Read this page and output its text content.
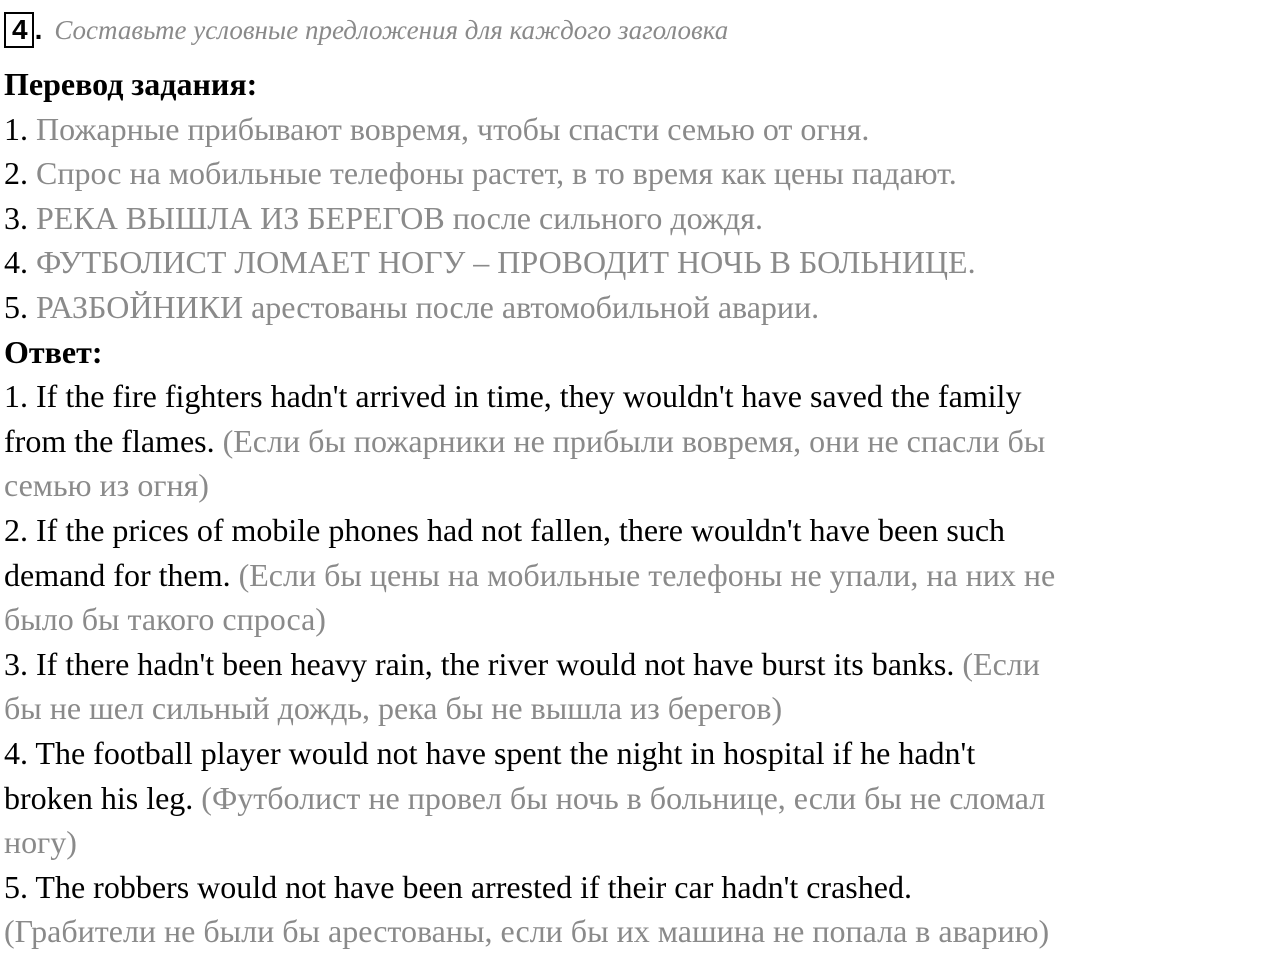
4 . Составьте условные предложения для каждого заголовка

Перевод задания:

1. Пожарные прибывают вовремя, чтобы спасти семью от огня.

2. Спрос на мобильные телефоны растет, в то время как цены падают.

3. РЕКА ВЫШЛА ИЗ БЕРЕГОВ после сильного дождя.

4. ФУТБОЛИСТ ЛОМАЕТ НОГУ – ПРОВОДИТ НОЧЬ В БОЛЬНИЦЕ.

5. РАЗБОЙНИКИ арестованы после автомобильной аварии.

Ответ:

1. If the fire fighters hadn't arrived in time, they wouldn't have saved the family

from the flames. (Если бы пожарники не прибыли вовремя, они не спасли бы

семью из огня)

2. If the prices of mobile phones had not fallen, there wouldn't have been such

demand for them. (Если бы цены на мобильные телефоны не упали, на них не

было бы такого спроса)

3. If there hadn't been heavy rain, the river would not have burst its banks. (Если

бы не шел сильный дождь, река бы не вышла из берегов)

4. The football player would not have spent the night in hospital if he hadn't

broken his leg. (Футболист не провел бы ночь в больнице, если бы не сломал

ногу)

5. The robbers would not have been arrested if their car hadn't crashed.

(Грабители не были бы арестованы, если бы их машина не попала в аварию)
